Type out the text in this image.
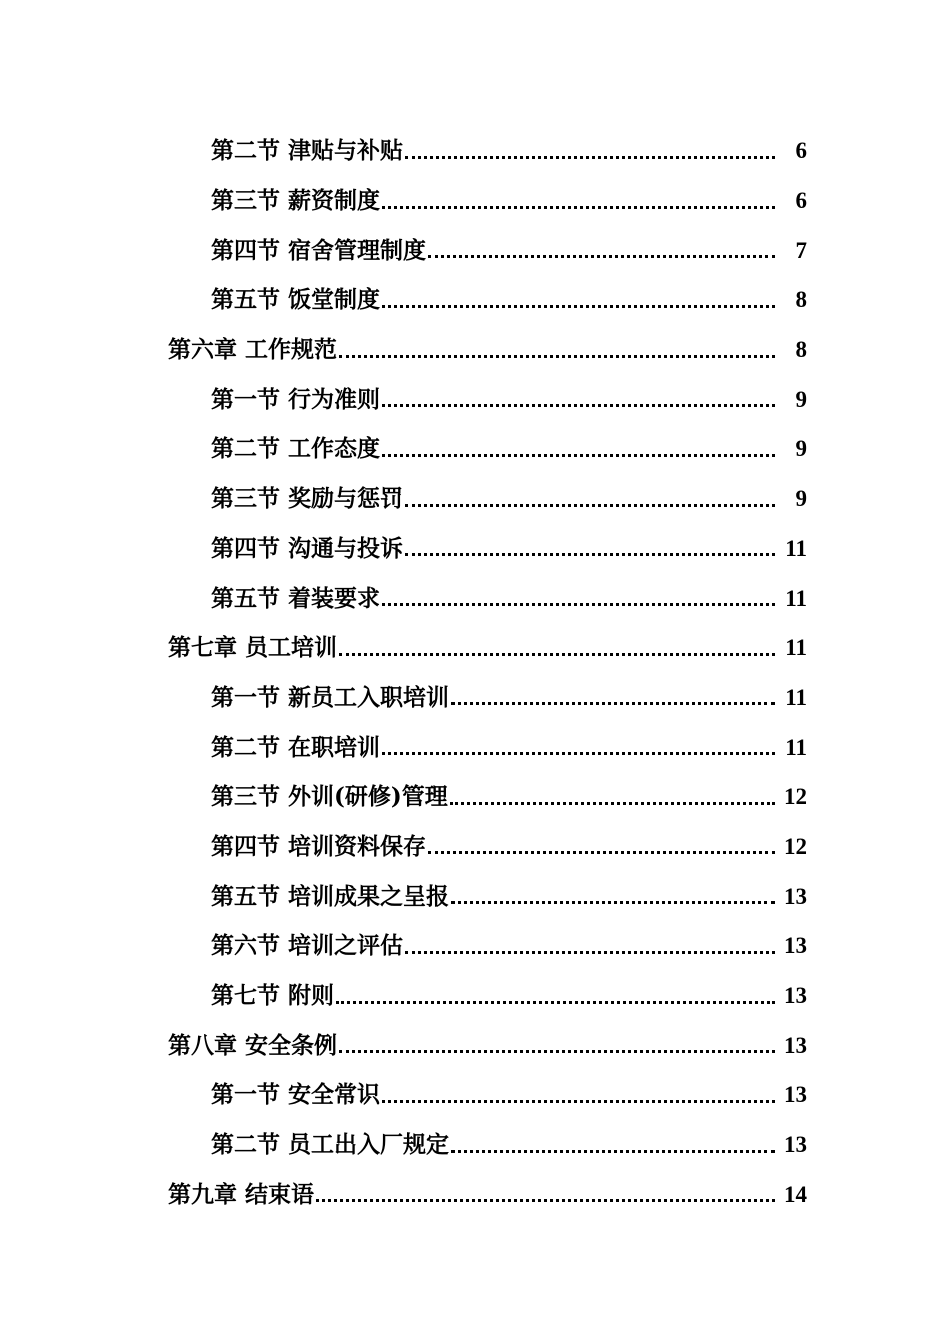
第二节 津贴与补贴	6
第三节 薪资制度	6
第四节 宿舍管理制度	7
第五节 饭堂制度	8
第六章 工作规范	8
第一节 行为准则	9
第二节 工作态度	9
第三节 奖励与惩罚	9
第四节 沟通与投诉	11
第五节 着装要求	11
第七章 员工培训	11
第一节 新员工入职培训	11
第二节 在职培训	11
第三节 外训(研修)管理	12
第四节 培训资料保存	12
第五节 培训成果之呈报	13
第六节 培训之评估	13
第七节 附则	13
第八章 安全条例	13
第一节 安全常识	13
第二节 员工出入厂规定	13
第九章 结束语	14
